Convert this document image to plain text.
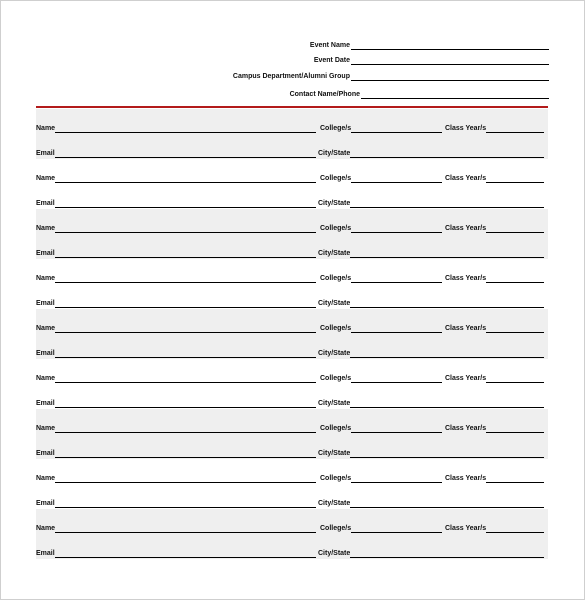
Event Name
Event Date
Campus Department/Alumni Group
Contact Name/Phone
Name	College/s	Class Year/s
Email	City/State
Name	College/s	Class Year/s
Email	City/State
Name	College/s	Class Year/s
Email	City/State
Name	College/s	Class Year/s
Email	City/State
Name	College/s	Class Year/s
Email	City/State
Name	College/s	Class Year/s
Email	City/State
Name	College/s	Class Year/s
Email	City/State
Name	College/s	Class Year/s
Email	City/State
Name	College/s	Class Year/s
Email	City/State
